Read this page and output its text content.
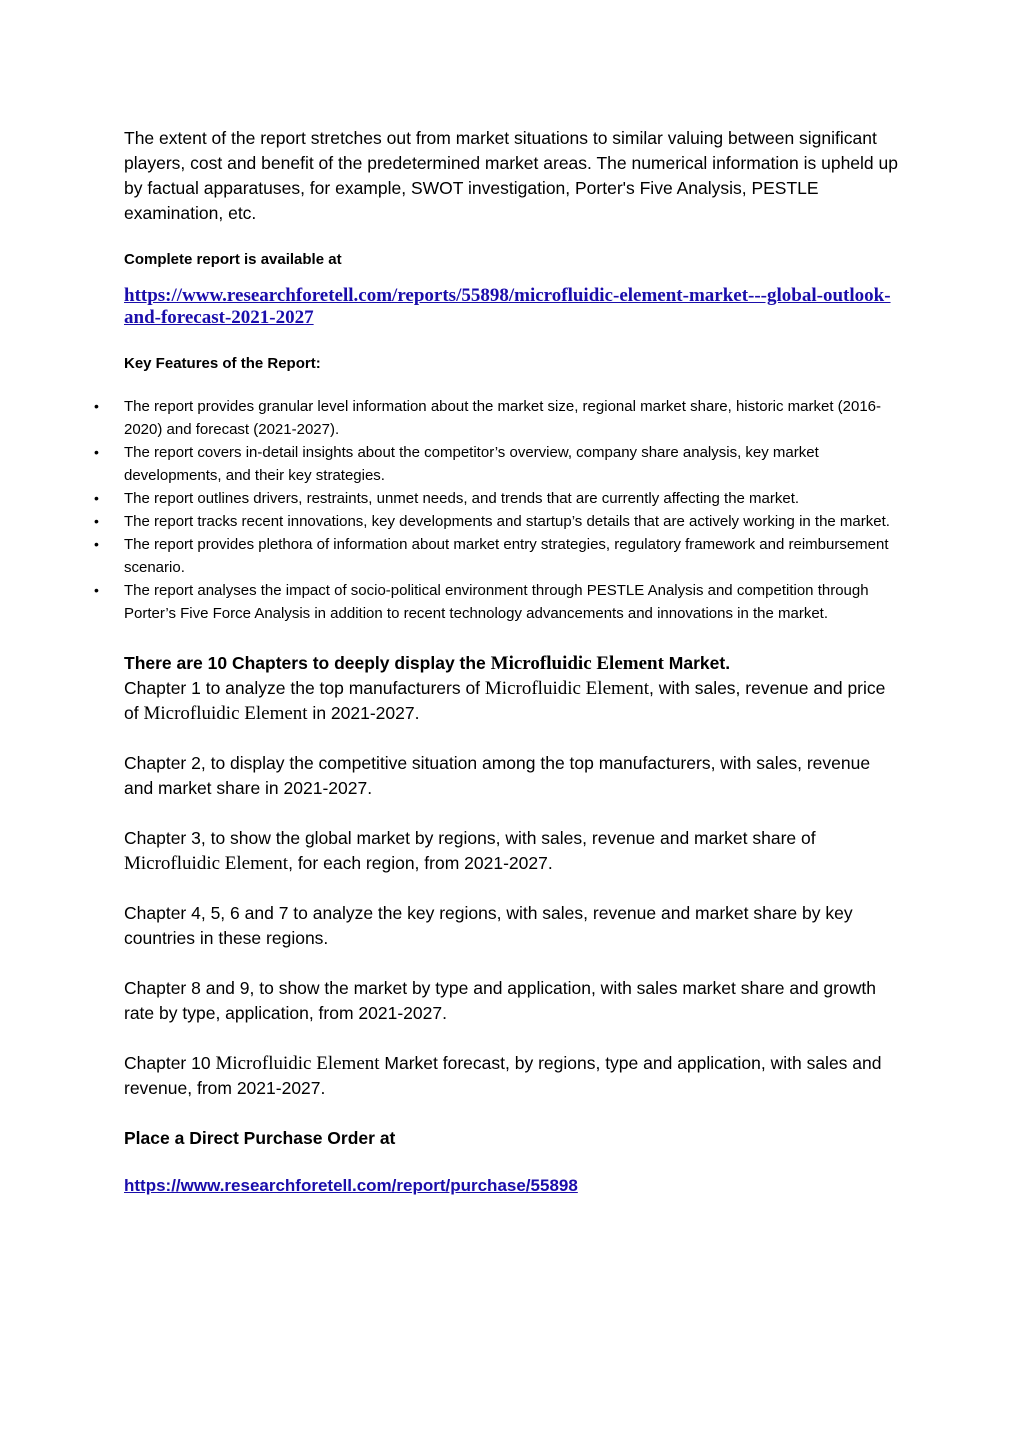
The extent of the report stretches out from market situations to similar valuing between significant players, cost and benefit of the predetermined market areas. The numerical information is upheld up by factual apparatuses, for example, SWOT investigation, Porter's Five Analysis, PESTLE examination, etc.

Complete report is available at

https://www.researchforetell.com/reports/55898/microfluidic-element-market---global-outlook-and-forecast-2021-2027

Key Features of the Report:

• The report provides granular level information about the market size, regional market share, historic market (2016-2020) and forecast (2021-2027).
• The report covers in-detail insights about the competitor’s overview, company share analysis, key market developments, and their key strategies.
• The report outlines drivers, restraints, unmet needs, and trends that are currently affecting the market.
• The report tracks recent innovations, key developments and startup’s details that are actively working in the market.
• The report provides plethora of information about market entry strategies, regulatory framework and reimbursement scenario.
• The report analyses the impact of socio-political environment through PESTLE Analysis and competition through Porter’s Five Force Analysis in addition to recent technology advancements and innovations in the market.

There are 10 Chapters to deeply display the Microfluidic Element Market.

Chapter 1 to analyze the top manufacturers of Microfluidic Element, with sales, revenue and price of Microfluidic Element in 2021-2027.

Chapter 2, to display the competitive situation among the top manufacturers, with sales, revenue and market share in 2021-2027.

Chapter 3, to show the global market by regions, with sales, revenue and market share of Microfluidic Element, for each region, from 2021-2027.

Chapter 4, 5, 6 and 7 to analyze the key regions, with sales, revenue and market share by key countries in these regions.

Chapter 8 and 9, to show the market by type and application, with sales market share and growth rate by type, application, from 2021-2027.

Chapter 10 Microfluidic Element Market forecast, by regions, type and application, with sales and revenue, from 2021-2027.

Place a Direct Purchase Order at

https://www.researchforetell.com/report/purchase/55898
